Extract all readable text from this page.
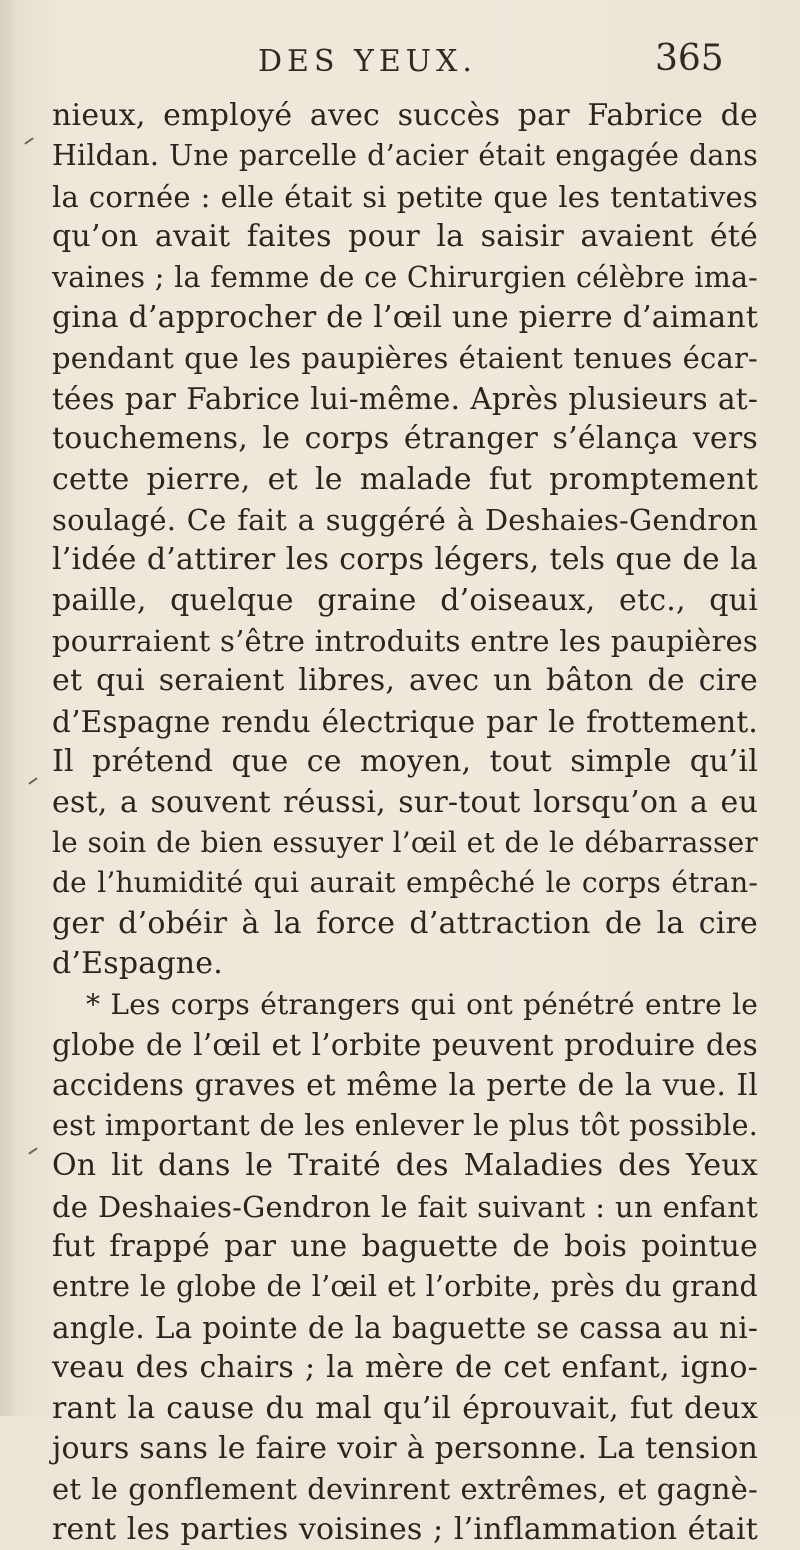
DES YEUX.	365
nieux, employé avec succès par Fabrice de
Hildan. Une parcelle d’acier était engagée dans
la cornée : elle était si petite que les tentatives
qu’on avait faites pour la saisir avaient été
vaines ; la femme de ce Chirurgien célèbre ima-
gina d’approcher de l’œil une pierre d’aimant
pendant que les paupières étaient tenues écar-
tées par Fabrice lui-même. Après plusieurs at-
touchemens, le corps étranger s’élança vers
cette pierre, et le malade fut promptement
soulagé. Ce fait a suggéré à Deshaies-Gendron
l’idée d’attirer les corps légers, tels que de la
paille, quelque graine d’oiseaux, etc., qui
pourraient s’être introduits entre les paupières
et qui seraient libres, avec un bâton de cire
d’Espagne rendu électrique par le frottement.
Il prétend que ce moyen, tout simple qu’il
est, a souvent réussi, sur-tout lorsqu’on a eu
le soin de bien essuyer l’œil et de le débarrasser
de l’humidité qui aurait empêché le corps étran-
ger d’obéir à la force d’attraction de la cire
d’Espagne.
* Les corps étrangers qui ont pénétré entre le
globe de l’œil et l’orbite peuvent produire des
accidens graves et même la perte de la vue. Il
est important de les enlever le plus tôt possible.
On lit dans le Traité des Maladies des Yeux
de Deshaies-Gendron le fait suivant : un enfant
fut frappé par une baguette de bois pointue
entre le globe de l’œil et l’orbite, près du grand
angle. La pointe de la baguette se cassa au ni-
veau des chairs ; la mère de cet enfant, igno-
rant la cause du mal qu’il éprouvait, fut deux
jours sans le faire voir à personne. La tension
et le gonflement devinrent extrêmes, et gagnè-
rent les parties voisines ; l’inflammation était
